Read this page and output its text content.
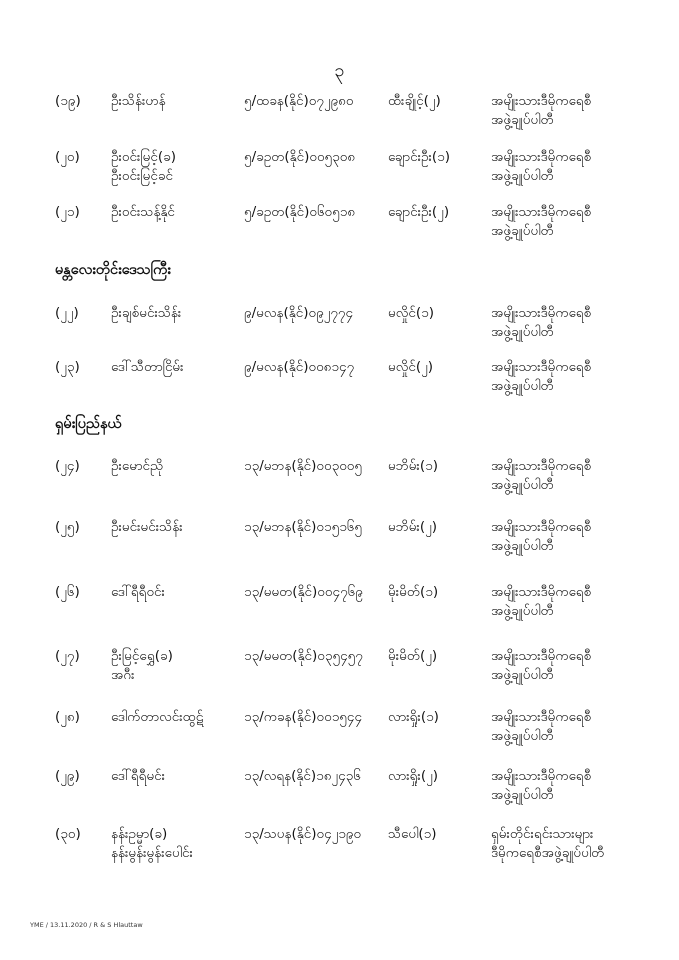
၃
(၁၉) ဦးသိန်းဟန်	၅/ထခန(နိုင်)၀၇၂၉၈၀	ထီးချိုင့်(၂)	အမျိုးသားဒီမိုကရေစီ
အဖွဲ့ချုပ်ပါတီ
(၂၀) ဦးဝင်းမြင့်(ခ)
ဦးဝင်းမြင့်ခင်
၅/ခဥတ(နိုင်)၀၀၅၃၀၈ ချောင်းဦး(၁)	အမျိုးသားဒီမိုကရေစီ
အဖွဲ့ချုပ်ပါတီ
(၂၁) ဦးဝင်းသန့်နိုင်	၅/ခဥတ(နိုင်)၀၆၀၅၁၈ ချောင်းဦး(၂)	အမျိုးသားဒီမိုကရေစီ
အဖွဲ့ချုပ်ပါတီ
မန္တလေးတိုင်းဒေသကြီး
(၂၂) ဦးချစ်မင်းသိန်း	၉/မလန(နိုင်)၀၉၂၇၇၄	မလှိုင်(၁)	အမျိုးသားဒီမိုကရေစီ
အဖွဲ့ချုပ်ပါတီ
(၂၃) ဒေါ်သီတာငြိမ်း	၉/မလန(နိုင်)၀၀၈၁၄၇	မလှိုင်(၂)	အမျိုးသားဒီမိုကရေစီ
အဖွဲ့ချုပ်ပါတီ
ရှမ်းပြည်နယ်
(၂၄) ဦးမောင်ညို	၁၃/မဘန(နိုင်)၀၀၃၀၀၅ မဘိမ်း(၁)	အမျိုးသားဒီမိုကရေစီ
အဖွဲ့ချုပ်ပါတီ
(၂၅) ဦးမင်းမင်းသိန်း	၁၃/မဘန(နိုင်)၀၁၅၁၆၅ မဘိမ်း(၂)	အမျိုးသားဒီမိုကရေစီ
အဖွဲ့ချုပ်ပါတီ
(၂၆) ဒေါ်ရီရီဝင်း	၁၃/မမတ(နိုင်)၀၀၄၇၆၉ မိုးမိတ်(၁)	အမျိုးသားဒီမိုကရေစီ
အဖွဲ့ချုပ်ပါတီ
(၂၇) ဦးမြင့်ရွှေ(ခ)
အဂီး
၁၃/မမတ(နိုင်)၀၃၅၄၅၇ မိုးမိတ်(၂)	အမျိုးသားဒီမိုကရေစီ
အဖွဲ့ချုပ်ပါတီ
(၂၈) ဒေါက်တာလင်းထွဋ်	၁၃/ကခန(နိုင်)၀၀၁၅၄၄ လားရှိုး(၁)	အမျိုးသားဒီမိုကရေစီ
အဖွဲ့ချုပ်ပါတီ
(၂၉) ဒေါ်ရီရီမင်း	၁၃/လရန(နိုင်)၁၈၂၄၃၆ လားရှိုး(၂)	အမျိုးသားဒီမိုကရေစီ
အဖွဲ့ချုပ်ပါတီ
(၃၀) နန်းဥမ္မာ(ခ)
နန်းမွန်းမွန်းပေါင်း
၁၃/သပန(နိုင်)၀၄၂၁၉၀ သီပေါ(၁)	ရှမ်းတိုင်းရင်းသားများ
ဒီမိုကရေစီအဖွဲ့ချုပ်ပါတီ
YME / 13.11.2020 / R & S Hlauttaw
